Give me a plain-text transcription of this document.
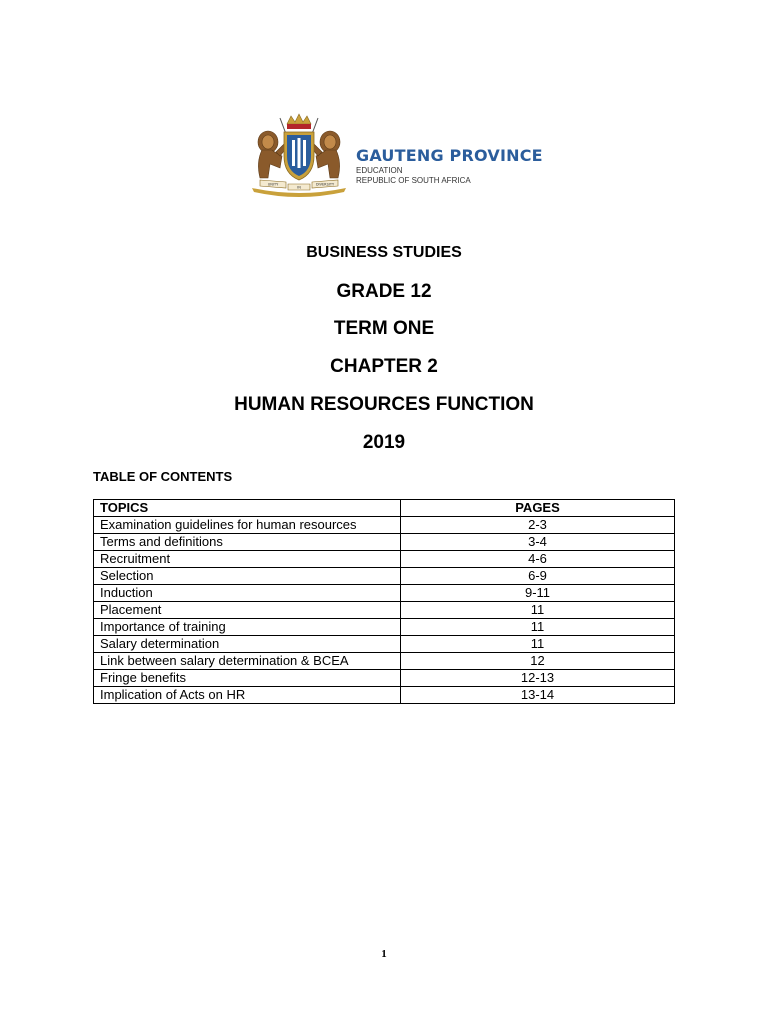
UNITY
IN
DIVERSITY
GAUTENG PROVINCE
EDUCATION
REPUBLIC OF SOUTH AFRICA
BUSINESS STUDIES
GRADE 12
TERM ONE
CHAPTER 2
HUMAN RESOURCES FUNCTION
2019
TABLE OF CONTENTS
TOPICS	PAGES
Examination guidelines for human resources	2-3
Terms and definitions	3-4
Recruitment	4-6
Selection	6-9
Induction	9-11
Placement	11
Importance of training	11
Salary determination	11
Link between salary determination & BCEA	12
Fringe benefits	12-13
Implication of Acts on HR	13-14
1
